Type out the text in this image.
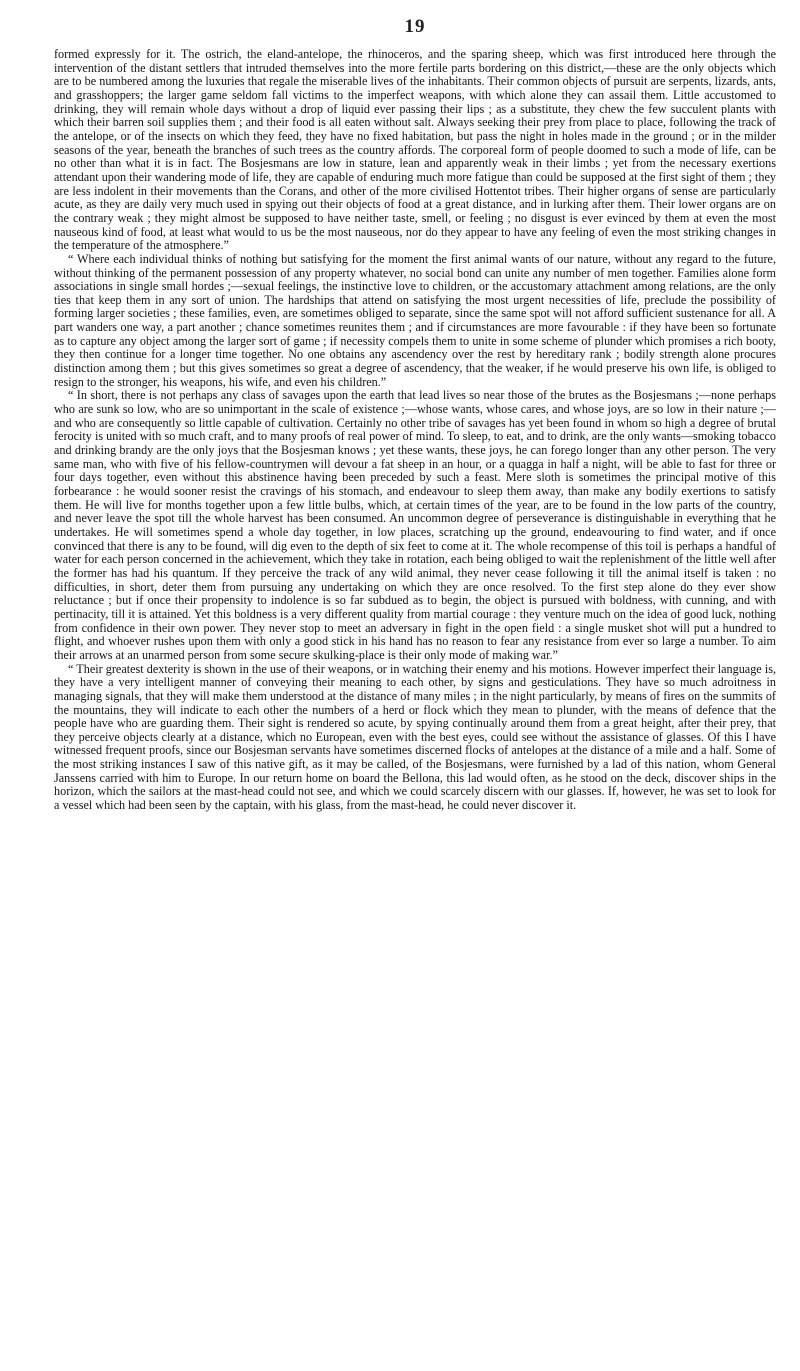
19

formed expressly for it. The ostrich, the eland-antelope, the rhinoceros, and the sparing sheep, which was first introduced here through the intervention of the distant settlers that intruded themselves into the more fertile parts bordering on this district,—these are the only objects which are to be numbered among the luxuries that regale the miserable lives of the inhabitants. Their common objects of pursuit are serpents, lizards, ants, and grasshoppers; the larger game seldom fall victims to the imperfect weapons, with which alone they can assail them. Little accustomed to drinking, they will remain whole days without a drop of liquid ever passing their lips ; as a substitute, they chew the few succulent plants with which their barren soil supplies them ; and their food is all eaten without salt. Always seeking their prey from place to place, following the track of the antelope, or of the insects on which they feed, they have no fixed habitation, but pass the night in holes made in the ground ; or in the milder seasons of the year, beneath the branches of such trees as the country affords. The corporeal form of people doomed to such a mode of life, can be no other than what it is in fact. The Bosjesmans are low in stature, lean and apparently weak in their limbs ; yet from the necessary exertions attendant upon their wandering mode of life, they are capable of enduring much more fatigue than could be supposed at the first sight of them ; they are less indolent in their movements than the Corans, and other of the more civilised Hottentot tribes. Their higher organs of sense are particularly acute, as they are daily very much used in spying out their objects of food at a great distance, and in lurking after them. Their lower organs are on the contrary weak ; they might almost be supposed to have neither taste, smell, or feeling ; no disgust is ever evinced by them at even the most nauseous kind of food, at least what would to us be the most nauseous, nor do they appear to have any feeling of even the most striking changes in the temperature of the atmosphere.”

“ Where each individual thinks of nothing but satisfying for the moment the first animal wants of our nature, without any regard to the future, without thinking of the permanent possession of any property whatever, no social bond can unite any number of men together. Families alone form associations in single small hordes ;—sexual feelings, the instinctive love to children, or the accustomary attachment among relations, are the only ties that keep them in any sort of union. The hardships that attend on satisfying the most urgent necessities of life, preclude the possibility of forming larger societies ; these families, even, are sometimes obliged to separate, since the same spot will not afford sufficient sustenance for all. A part wanders one way, a part another ; chance sometimes reunites them ; and if circumstances are more favourable : if they have been so fortunate as to capture any object among the larger sort of game ; if necessity compels them to unite in some scheme of plunder which promises a rich booty, they then continue for a longer time together. No one obtains any ascendency over the rest by hereditary rank ; bodily strength alone procures distinction among them ; but this gives sometimes so great a degree of ascendency, that the weaker, if he would preserve his own life, is obliged to resign to the stronger, his weapons, his wife, and even his children.”

“ In short, there is not perhaps any class of savages upon the earth that lead lives so near those of the brutes as the Bosjesmans ;—none perhaps who are sunk so low, who are so unimportant in the scale of existence ;—whose wants, whose cares, and whose joys, are so low in their nature ;—and who are consequently so little capable of cultivation. Certainly no other tribe of savages has yet been found in whom so high a degree of brutal ferocity is united with so much craft, and to many proofs of real power of mind. To sleep, to eat, and to drink, are the only wants—smoking tobacco and drinking brandy are the only joys that the Bosjesman knows ; yet these wants, these joys, he can forego longer than any other person. The very same man, who with five of his fellow-countrymen will devour a fat sheep in an hour, or a quagga in half a night, will be able to fast for three or four days together, even without this abstinence having been preceded by such a feast. Mere sloth is sometimes the principal motive of this forbearance : he would sooner resist the cravings of his stomach, and endeavour to sleep them away, than make any bodily exertions to satisfy them. He will live for months together upon a few little bulbs, which, at certain times of the year, are to be found in the low parts of the country, and never leave the spot till the whole harvest has been consumed. An uncommon degree of perseverance is distinguishable in everything that he undertakes. He will sometimes spend a whole day together, in low places, scratching up the ground, endeavouring to find water, and if once convinced that there is any to be found, will dig even to the depth of six feet to come at it. The whole recompense of this toil is perhaps a handful of water for each person concerned in the achievement, which they take in rotation, each being obliged to wait the replenishment of the little well after the former has had his quantum. If they perceive the track of any wild animal, they never cease following it till the animal itself is taken : no difficulties, in short, deter them from pursuing any undertaking on which they are once resolved. To the first step alone do they ever show reluctance ; but if once their propensity to indolence is so far subdued as to begin, the object is pursued with boldness, with cunning, and with pertinacity, till it is attained. Yet this boldness is a very different quality from martial courage : they venture much on the idea of good luck, nothing from confidence in their own power. They never stop to meet an adversary in fight in the open field : a single musket shot will put a hundred to flight, and whoever rushes upon them with only a good stick in his hand has no reason to fear any resistance from ever so large a number. To aim their arrows at an unarmed person from some secure skulking-place is their only mode of making war.”

“ Their greatest dexterity is shown in the use of their weapons, or in watching their enemy and his motions. However imperfect their language is, they have a very intelligent manner of conveying their meaning to each other, by signs and gesticulations. They have so much adroitness in managing signals, that they will make them understood at the distance of many miles ; in the night particularly, by means of fires on the summits of the mountains, they will indicate to each other the numbers of a herd or flock which they mean to plunder, with the means of defence that the people have who are guarding them. Their sight is rendered so acute, by spying continually around them from a great height, after their prey, that they perceive objects clearly at a distance, which no European, even with the best eyes, could see without the assistance of glasses. Of this I have witnessed frequent proofs, since our Bosjesman servants have sometimes discerned flocks of antelopes at the distance of a mile and a half. Some of the most striking instances I saw of this native gift, as it may be called, of the Bosjesmans, were furnished by a lad of this nation, whom General Janssens carried with him to Europe. In our return home on board the Bellona, this lad would often, as he stood on the deck, discover ships in the horizon, which the sailors at the mast-head could not see, and which we could scarcely discern with our glasses. If, however, he was set to look for a vessel which had been seen by the captain, with his glass, from the mast-head, he could never discover it.
